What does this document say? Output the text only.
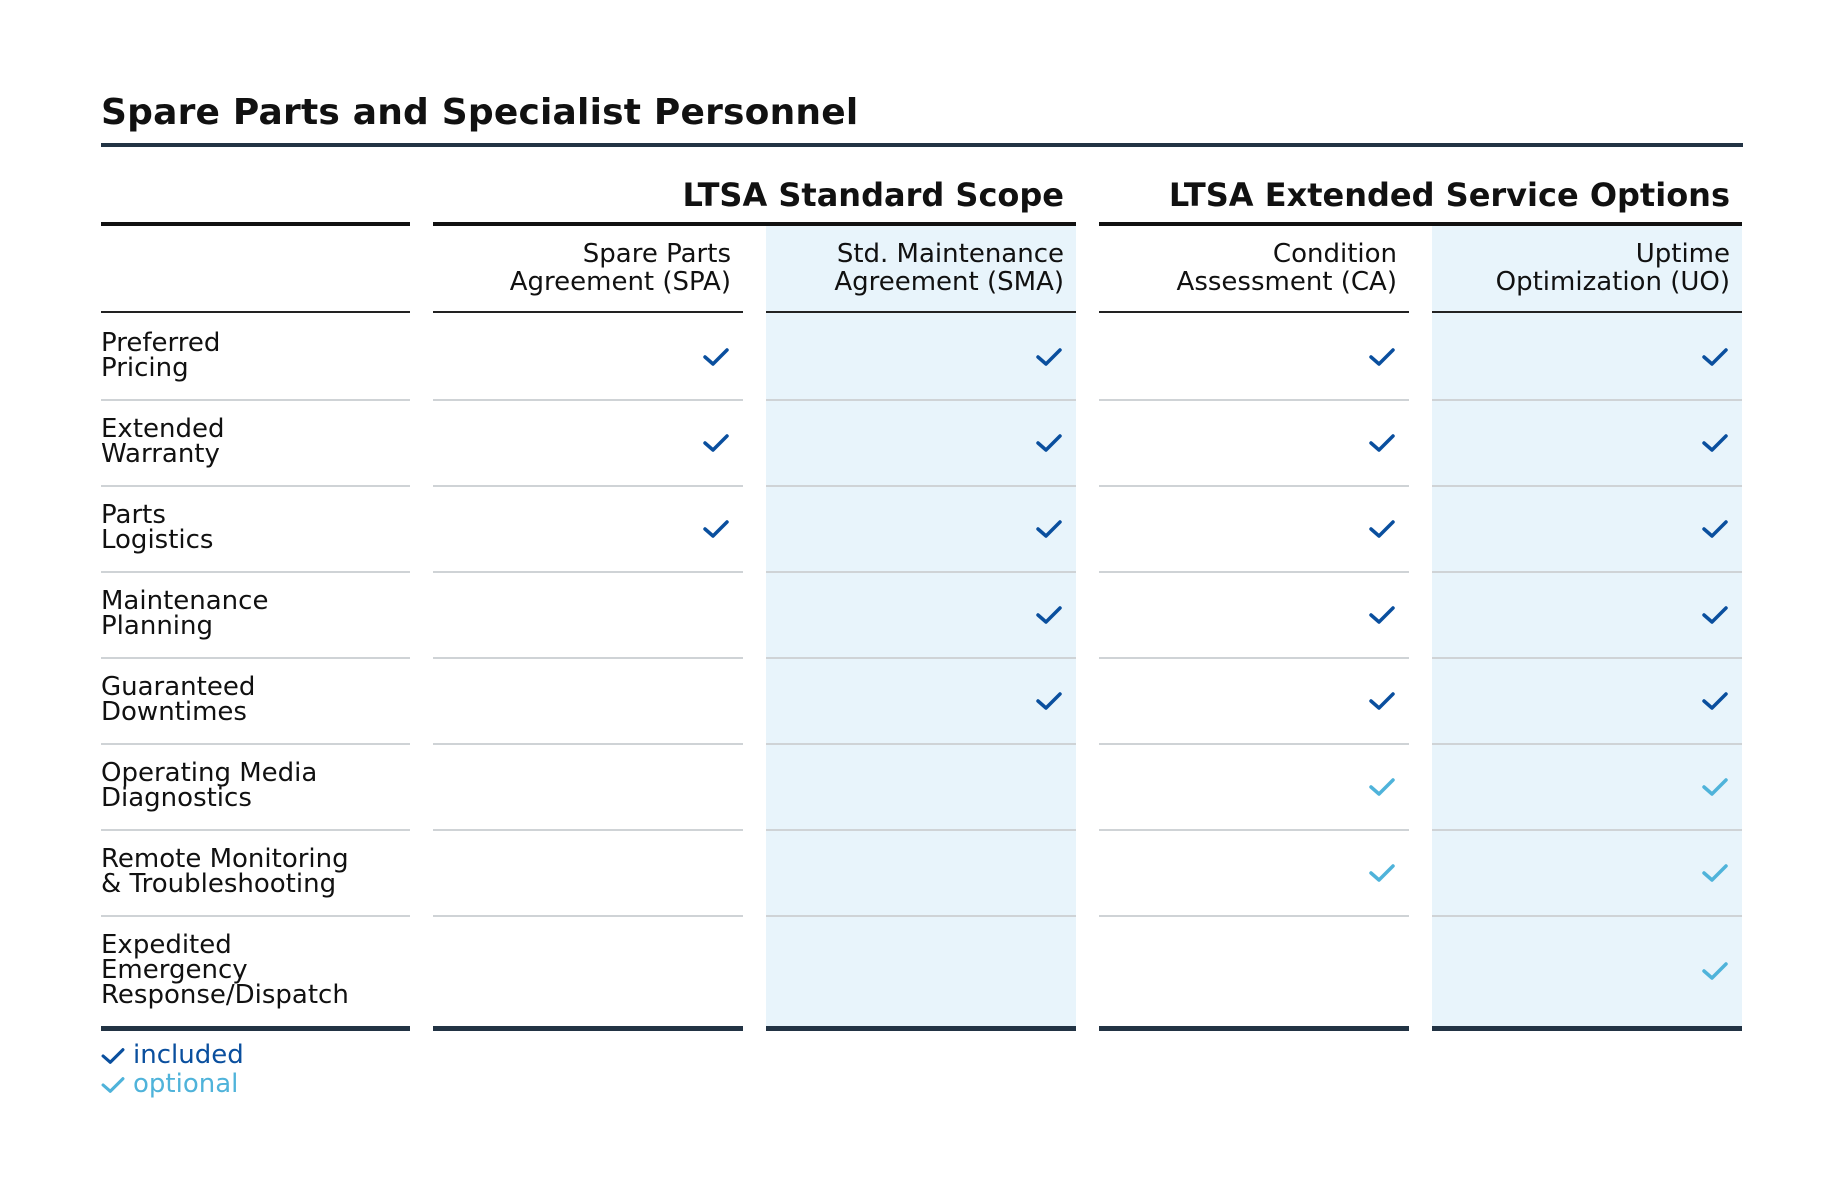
Spare Parts and Specialist Personnel
LTSA Standard Scope	LTSA Extended Service Options
Spare Parts
Agreement (SPA)
Std. Maintenance
Agreement (SMA)
Condition
Assessment (CA)
Uptime
Optimization (UO)
Preferred
Pricing
Extended
Warranty
Parts
Logistics
Maintenance
Planning
Guaranteed
Downtimes
Operating Media
Diagnostics
Remote Monitoring
& Troubleshooting
Expedited
Emergency
Response/Dispatch
included
optional
